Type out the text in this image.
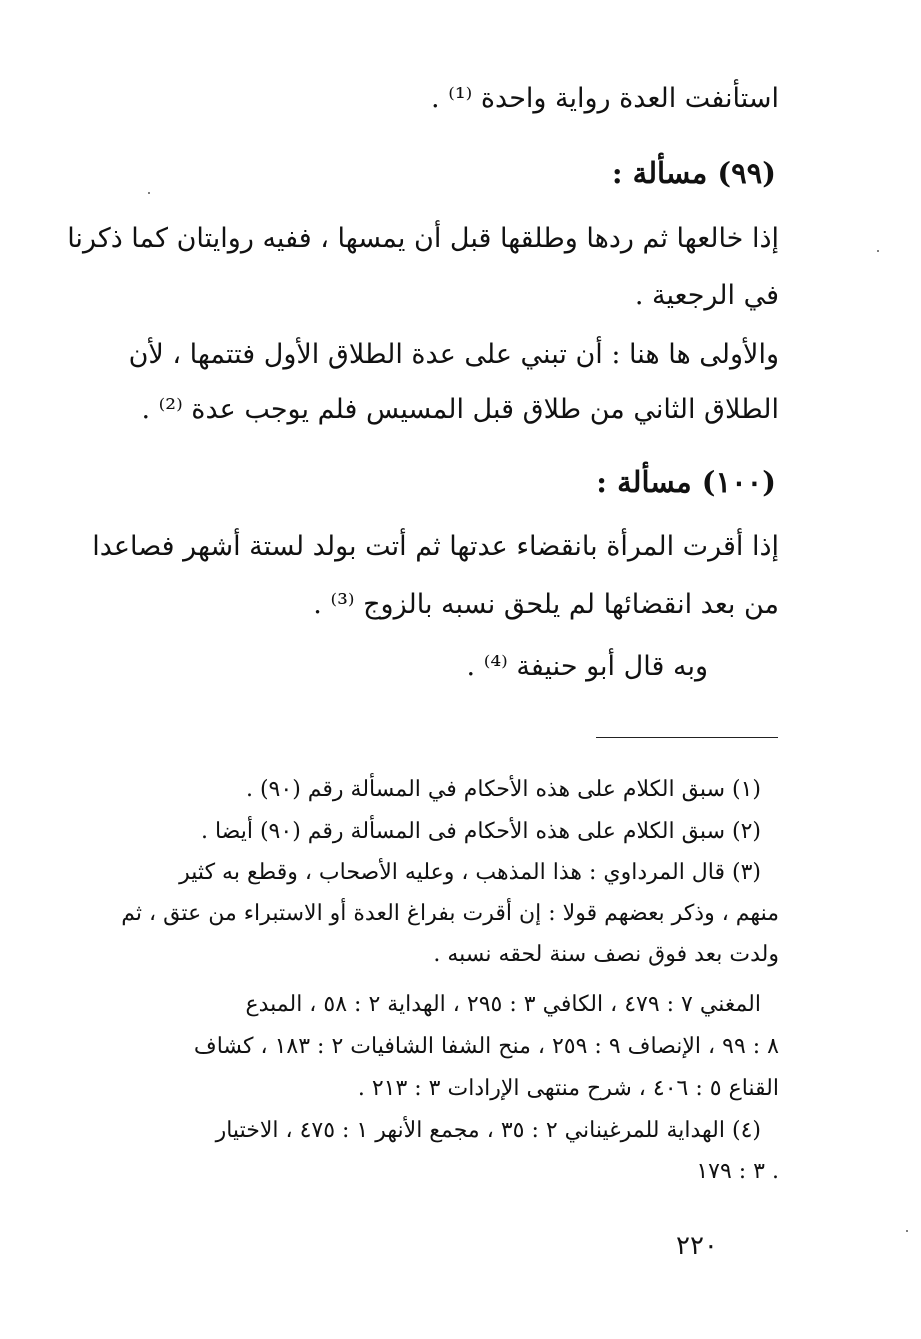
استأنفت العدة رواية واحدة ⁽¹⁾ .
(٩٩) مسألة :
إذا خالعها ثم ردها وطلقها قبل أن يمسها ، ففيه روايتان كما ذكرنا
في الرجعية .
والأولى ها هنا : أن تبني على عدة الطلاق الأول فتتمها ، لأن
الطلاق الثاني من طلاق قبل المسيس فلم يوجب عدة ⁽²⁾ .
(١٠٠) مسألة :
إذا أقرت المرأة بانقضاء عدتها ثم أتت بولد لستة أشهر فصاعدا
من بعد انقضائها لم يلحق نسبه بالزوج ⁽³⁾ .
وبه قال أبو حنيفة ⁽⁴⁾ .
(١) سبق الكلام على هذه الأحكام في المسألة رقم (٩٠) .
(٢) سبق الكلام على هذه الأحكام فى المسألة رقم (٩٠) أيضا .
(٣) قال المرداوي : هذا المذهب ، وعليه الأصحاب ، وقطع به كثير
منهم ، وذكر بعضهم قولا : إن أقرت بفراغ العدة أو الاستبراء من عتق ، ثم
ولدت بعد فوق نصف سنة لحقه نسبه .
المغني ٧ : ٤٧٩ ، الكافي ٣ : ٢٩٥ ، الهداية ٢ : ٥٨ ، المبدع
٨ : ٩٩ ، الإنصاف ٩ : ٢٥٩ ، منح الشفا الشافيات ٢ : ١٨٣ ، كشاف
القناع ٥ : ٤٠٦ ، شرح منتهى الإرادات ٣ : ٢١٣ .
(٤) الهداية للمرغيناني ٢ : ٣٥ ، مجمع الأنهر ١ : ٤٧٥ ، الاختيار
٣ : ١٧٩ .
٢٢٠
